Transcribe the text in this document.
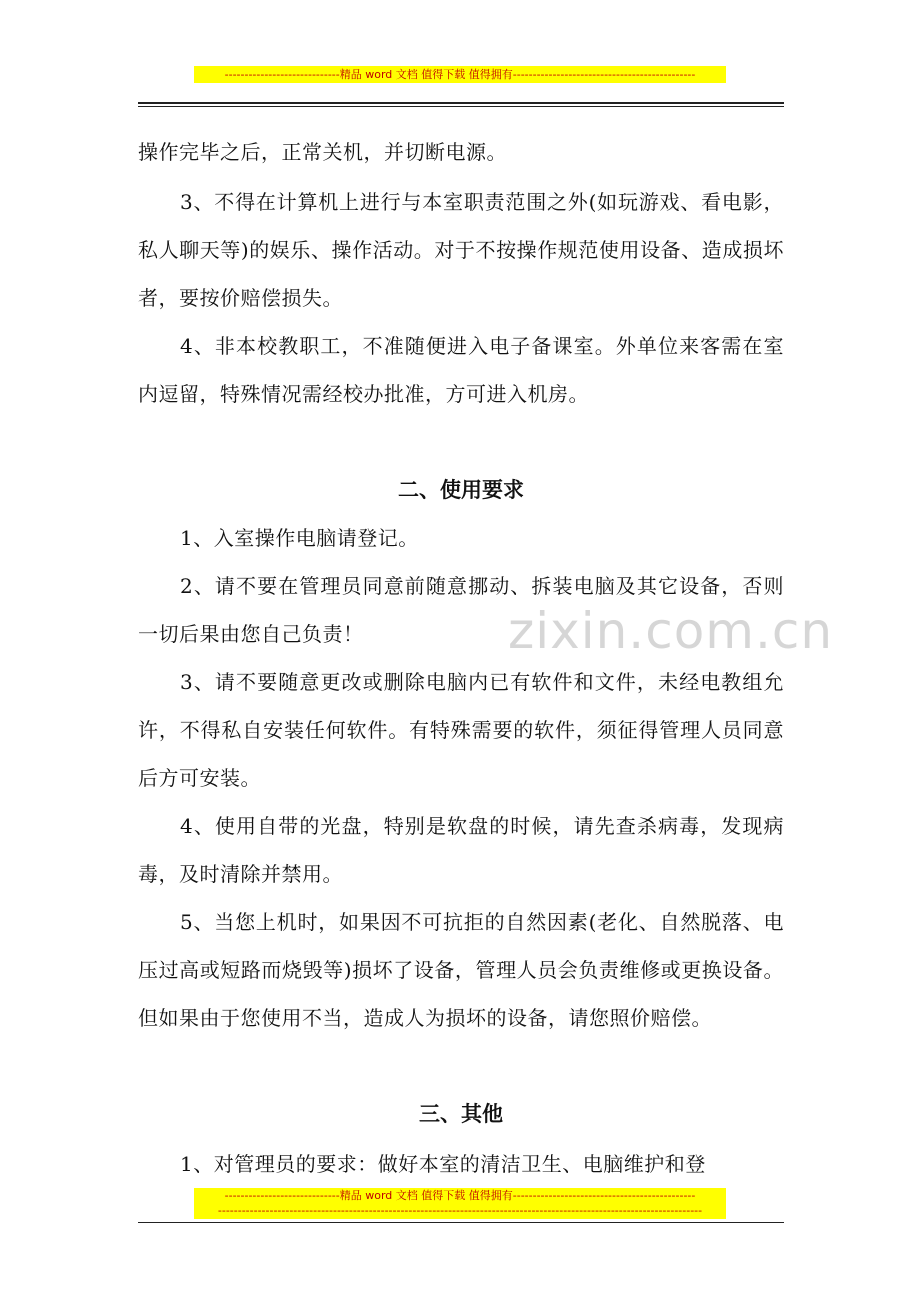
-----------------------------精品 word 文档 值得下载 值得拥有----------------------------------------------
zixin.com.cn

操作完毕之后，正常关机，并切断电源。

3、不得在计算机上进行与本室职责范围之外(如玩游戏、看电影，私人聊天等)的娱乐、操作活动。对于不按操作规范使用设备、造成损坏者，要按价赔偿损失。

4、非本校教职工，不准随便进入电子备课室。外单位来客需在室内逗留，特殊情况需经校办批准，方可进入机房。

二、使用要求

1、入室操作电脑请登记。

2、请不要在管理员同意前随意挪动、拆装电脑及其它设备，否则一切后果由您自己负责！

3、请不要随意更改或删除电脑内已有软件和文件，未经电教组允许，不得私自安装任何软件。有特殊需要的软件，须征得管理人员同意后方可安装。

4、使用自带的光盘，特别是软盘的时候，请先查杀病毒，发现病毒，及时清除并禁用。

5、当您上机时，如果因不可抗拒的自然因素(老化、自然脱落、电压过高或短路而烧毁等)损坏了设备，管理人员会负责维修或更换设备。但如果由于您使用不当，造成人为损坏的设备，请您照价赔偿。

三、其他

1、对管理员的要求：做好本室的清洁卫生、电脑维护和登

-----------------------------精品 word 文档 值得下载 值得拥有----------------------------------------------
--------------------------------------------------------------------------------------------------------------------------
